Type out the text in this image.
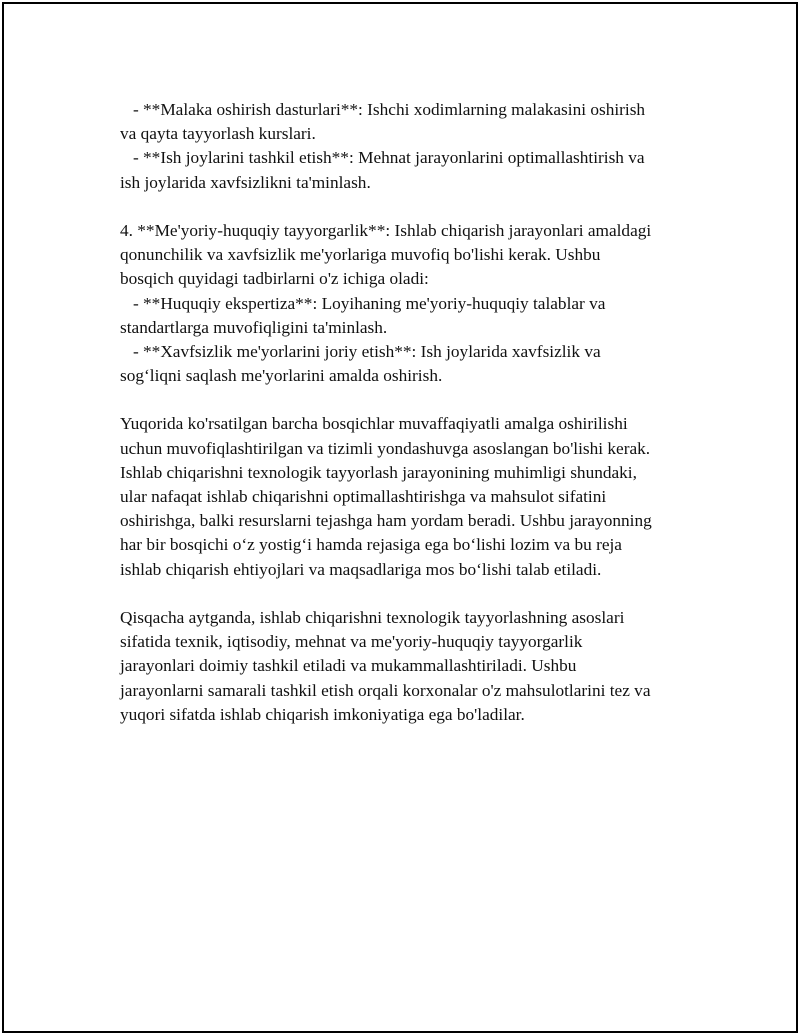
- **Malaka oshirish dasturlari**: Ishchi xodimlarning malakasini oshirish
va qayta tayyorlash kurslari.
- **Ish joylarini tashkil etish**: Mehnat jarayonlarini optimallashtirish va
ish joylarida xavfsizlikni ta'minlash.
4. **Me'yoriy-huquqiy tayyorgarlik**: Ishlab chiqarish jarayonlari amaldagi
qonunchilik va xavfsizlik me'yorlariga muvofiq bo'lishi kerak. Ushbu
bosqich quyidagi tadbirlarni o'z ichiga oladi:
- **Huquqiy ekspertiza**: Loyihaning me'yoriy-huquqiy talablar va
standartlarga muvofiqligini ta'minlash.
- **Xavfsizlik me'yorlarini joriy etish**: Ish joylarida xavfsizlik va
sog‘liqni saqlash me'yorlarini amalda oshirish.
Yuqorida ko'rsatilgan barcha bosqichlar muvaffaqiyatli amalga oshirilishi
uchun muvofiqlashtirilgan va tizimli yondashuvga asoslangan bo'lishi kerak.
Ishlab chiqarishni texnologik tayyorlash jarayonining muhimligi shundaki,
ular nafaqat ishlab chiqarishni optimallashtirishga va mahsulot sifatini
oshirishga, balki resurslarni tejashga ham yordam beradi. Ushbu jarayonning
har bir bosqichi o‘z yostig‘i hamda rejasiga ega bo‘lishi lozim va bu reja
ishlab chiqarish ehtiyojlari va maqsadlariga mos bo‘lishi talab etiladi.
Qisqacha aytganda, ishlab chiqarishni texnologik tayyorlashning asoslari
sifatida texnik, iqtisodiy, mehnat va me'yoriy-huquqiy tayyorgarlik
jarayonlari doimiy tashkil etiladi va mukammallashtiriladi. Ushbu
jarayonlarni samarali tashkil etish orqali korxonalar o'z mahsulotlarini tez va
yuqori sifatda ishlab chiqarish imkoniyatiga ega bo'ladilar.
